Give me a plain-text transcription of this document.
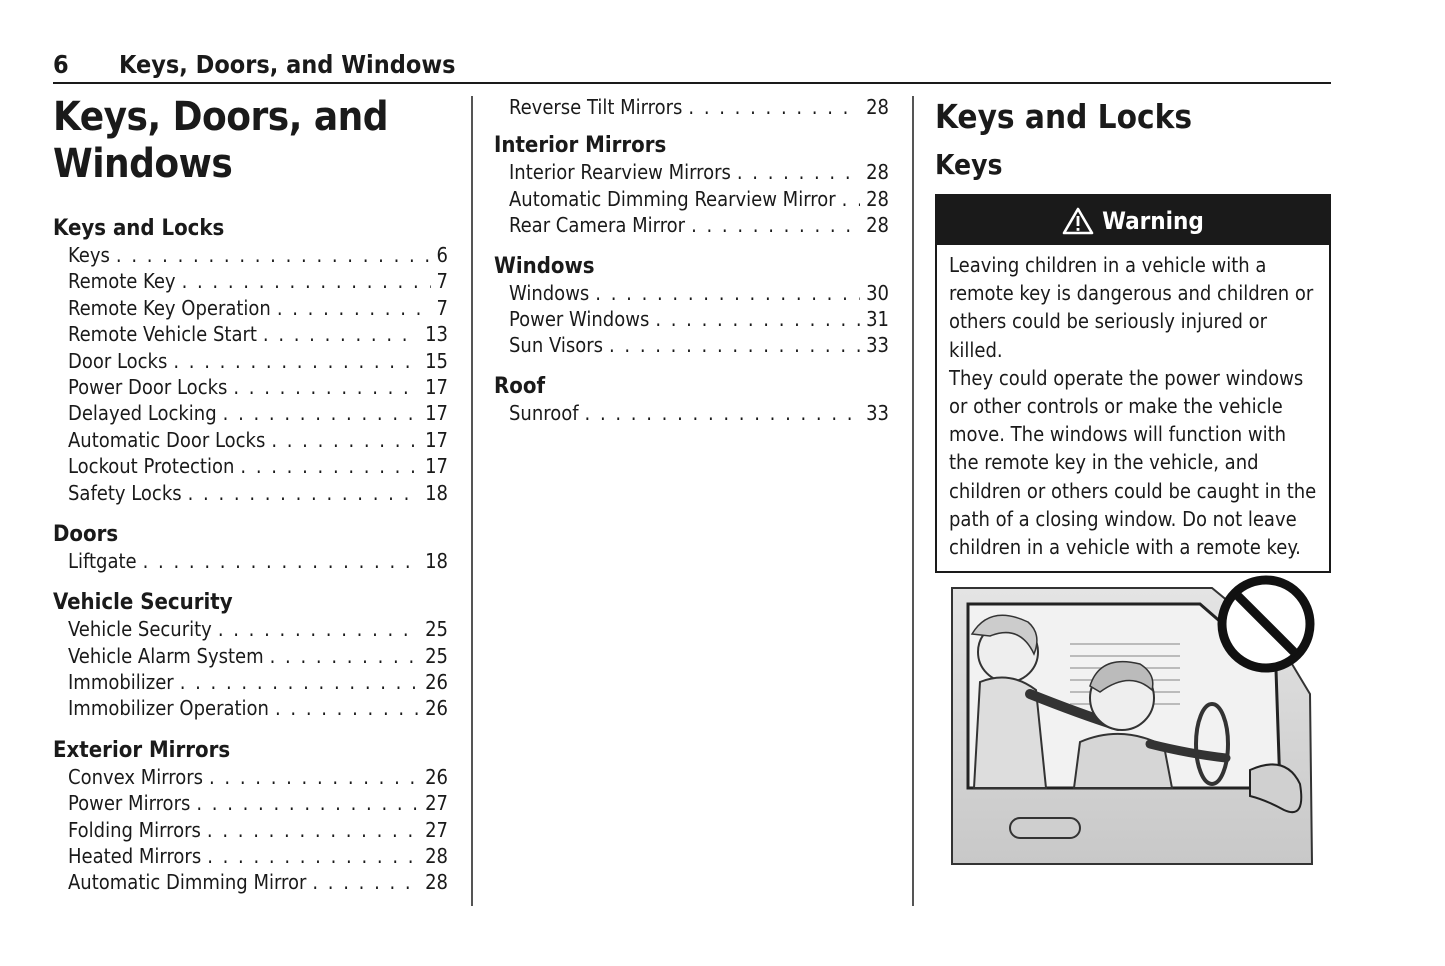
6 Keys, Doors, and Windows
Keys, Doors, and Windows
Keys and Locks
Keys . . .	6
Remote Key . . .	7
Remote Key Operation . . .	7
Remote Vehicle Start . . .	13
Door Locks . . .	15
Power Door Locks . . .	17
Delayed Locking . . .	17
Automatic Door Locks . . .	17
Lockout Protection . . .	17
Safety Locks . . .	18
Doors
Liftgate . . .	18
Vehicle Security
Vehicle Security . . .	25
Vehicle Alarm System . . .	25
Immobilizer . . .	26
Immobilizer Operation . . .	26
Exterior Mirrors
Convex Mirrors . . .	26
Power Mirrors . . .	27
Folding Mirrors . . .	27
Heated Mirrors . . .	28
Automatic Dimming Mirror . . .	28
Reverse Tilt Mirrors . . .	28
Interior Mirrors
Interior Rearview Mirrors . . .	28
Automatic Dimming Rearview Mirror . . . 28
Rear Camera Mirror . . .	28
Windows
Windows . . .	30
Power Windows . . .	31
Sun Visors . . .	33
Roof
Sunroof . . .	33
Keys and Locks
Keys
Warning
Leaving children in a vehicle with a
remote key is dangerous and children or
others could be seriously injured or killed.
They could operate the power windows
or other controls or make the vehicle
move. The windows will function with
the remote key in the vehicle, and
children or others could be caught in the
path of a closing window. Do not leave
children in a vehicle with a remote key.
